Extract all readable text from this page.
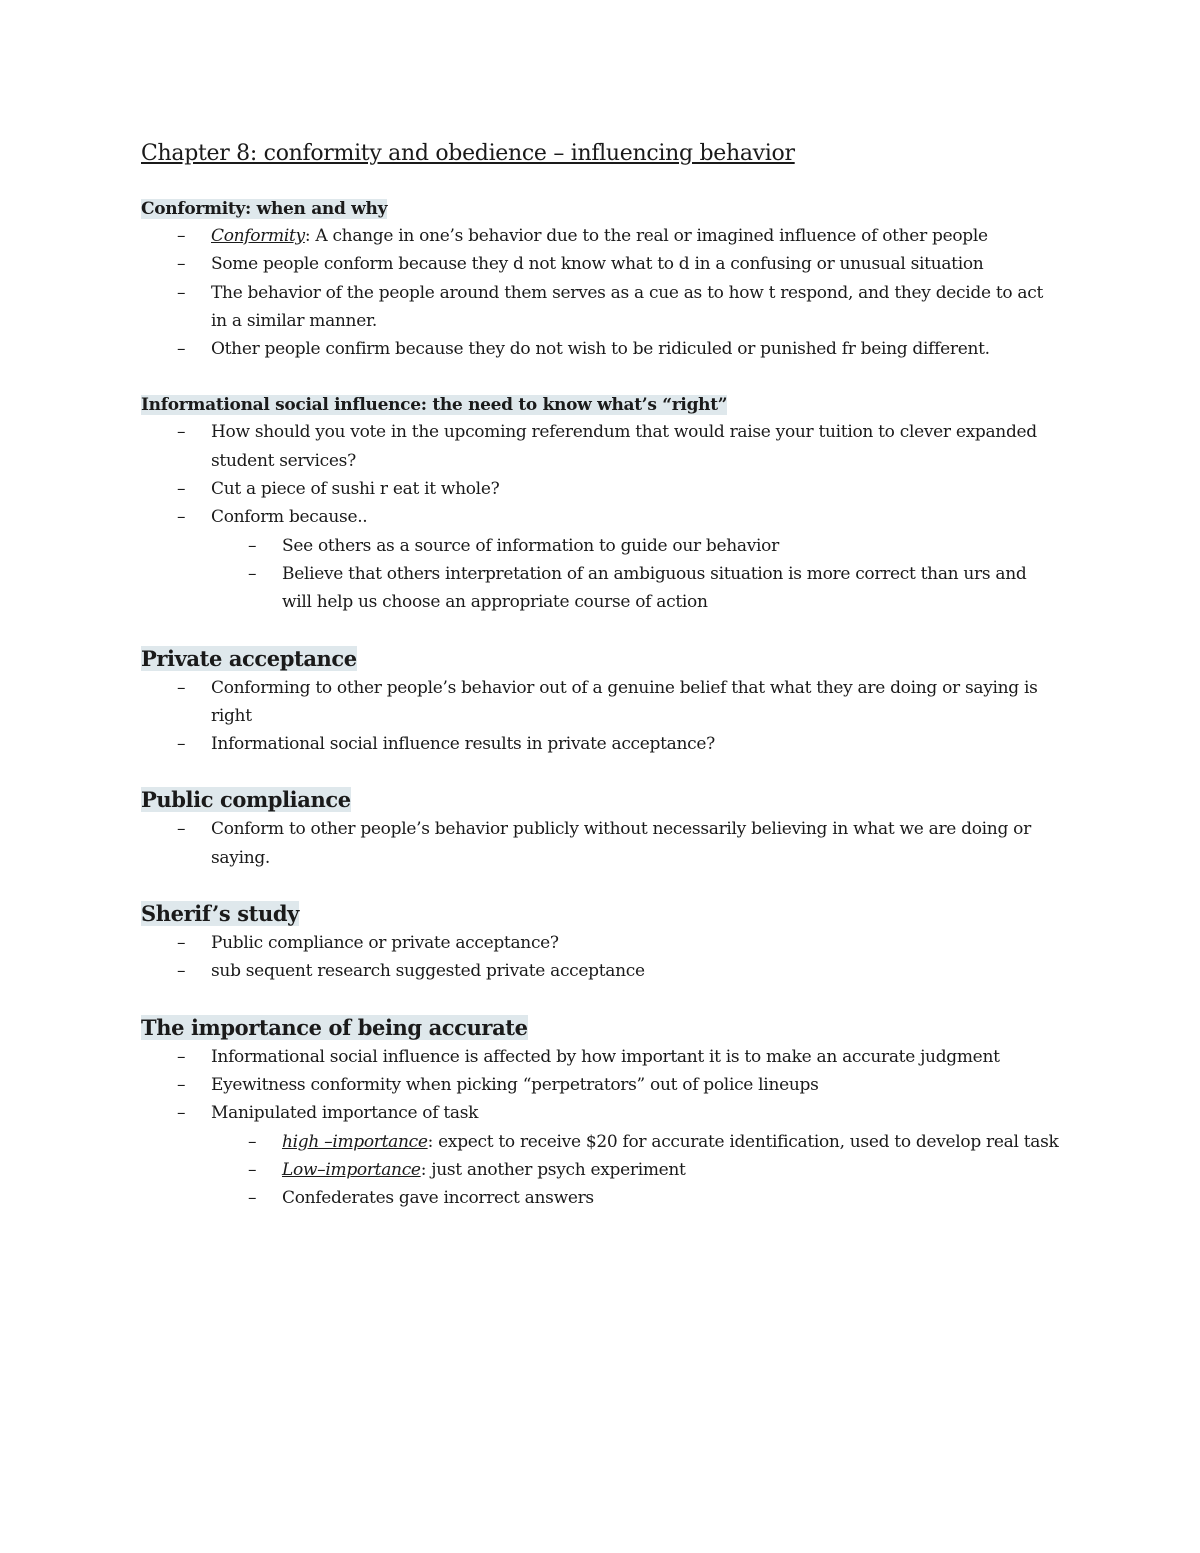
Chapter 8: conformity and obedience – influencing behavior
Conformity: when and why
– Conformity: A change in one’s behavior due to the real or imagined influence of other people
– Some people conform because they d not know what to d in a confusing or unusual situation
– The behavior of the people around them serves as a cue as to how t respond, and they decide to act in a similar manner.
– Other people confirm because they do not wish to be ridiculed or punished fr being different.
Informational social influence: the need to know what’s “right”
– How should you vote in the upcoming referendum that would raise your tuition to clever expanded student services?
– Cut a piece of sushi r eat it whole?
– Conform because..
– See others as a source of information to guide our behavior
– Believe that others interpretation of an ambiguous situation is more correct than urs and will help us choose an appropriate course of action
Private acceptance
– Conforming to other people’s behavior out of a genuine belief that what they are doing or saying is right
– Informational social influence results in private acceptance?
Public compliance
– Conform to other people’s behavior publicly without necessarily believing in what we are doing or saying.
Sherif’s study
– Public compliance or private acceptance?
– sub sequent research suggested private acceptance
The importance of being accurate
– Informational social influence is affected by how important it is to make an accurate judgment
– Eyewitness conformity when picking “perpetrators” out of police lineups
– Manipulated importance of task
– high –importance: expect to receive $20 for accurate identification, used to develop real task
– Low–importance: just another psych experiment
– Confederates gave incorrect answers
